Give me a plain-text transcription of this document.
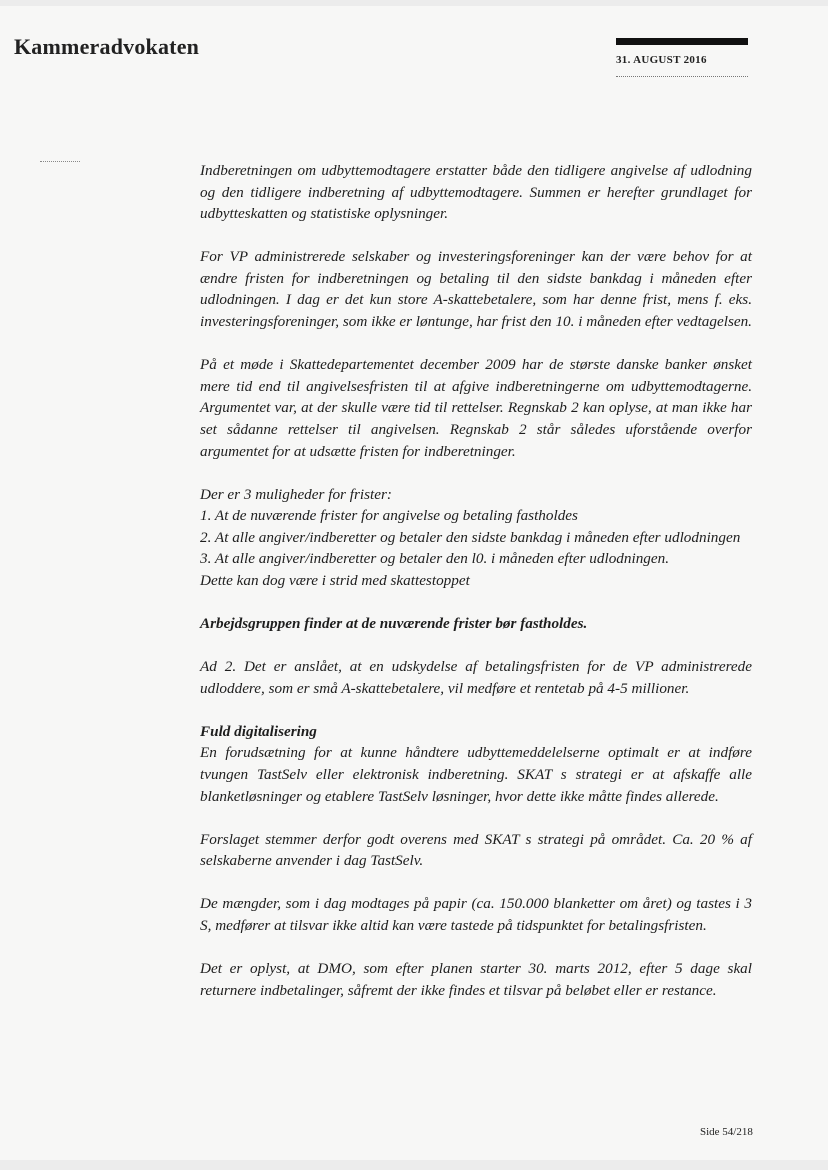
Kammeradvokaten
31. AUGUST 2016

Indberetningen om udbyttemodtagere erstatter både den tidligere angivelse af udlodning og den tidligere indberetning af udbyttemodtagere. Summen er herefter grundlaget for udbytteskatten og statistiske oplysninger.

For VP administrerede selskaber og investeringsforeninger kan der være behov for at ændre fristen for indberetningen og betaling til den sidste bankdag i måneden efter udlodningen. I dag er det kun store A-skattebetalere, som har denne frist, mens f. eks. investeringsforeninger, som ikke er løntunge, har frist den 10. i måneden efter vedtagelsen.

På et møde i Skattedepartementet december 2009 har de største danske banker ønsket mere tid end til angivelsesfristen til at afgive indberetningerne om udbyttemodtagerne. Argumentet var, at der skulle være tid til rettelser. Regnskab 2 kan oplyse, at man ikke har set sådanne rettelser til angivelsen. Regnskab 2 står således uforstående overfor argumentet for at udsætte fristen for indberetninger.

Der er 3 muligheder for frister:
1. At de nuværende frister for angivelse og betaling fastholdes
2. At alle angiver/indberetter og betaler den sidste bankdag i måneden efter udlodningen
3. At alle angiver/indberetter og betaler den l0. i måneden efter udlodningen.
Dette kan dog være i strid med skattestoppet

Arbejdsgruppen finder at de nuværende frister bør fastholdes.

Ad 2. Det er anslået, at en udskydelse af betalingsfristen for de VP administrerede udloddere, som er små A-skattebetalere, vil medføre et rentetab på 4-5 millioner.

Fuld digitalisering
En forudsætning for at kunne håndtere udbyttemeddelelserne optimalt er at indføre tvungen TastSelv eller elektronisk indberetning. SKAT s strategi er at afskaffe alle blanketløsninger og etablere TastSelv løsninger, hvor dette ikke måtte findes allerede.

Forslaget stemmer derfor godt overens med SKAT s strategi på området. Ca. 20 % af selskaberne anvender i dag TastSelv.

De mængder, som i dag modtages på papir (ca. 150.000 blanketter om året) og tastes i 3 S, medfører at tilsvar ikke altid kan være tastede på tidspunktet for betalingsfristen.

Det er oplyst, at DMO, som efter planen starter 30. marts 2012, efter 5 dage skal returnere indbetalinger, såfremt der ikke findes et tilsvar på beløbet eller er restance.

Side 54/218
